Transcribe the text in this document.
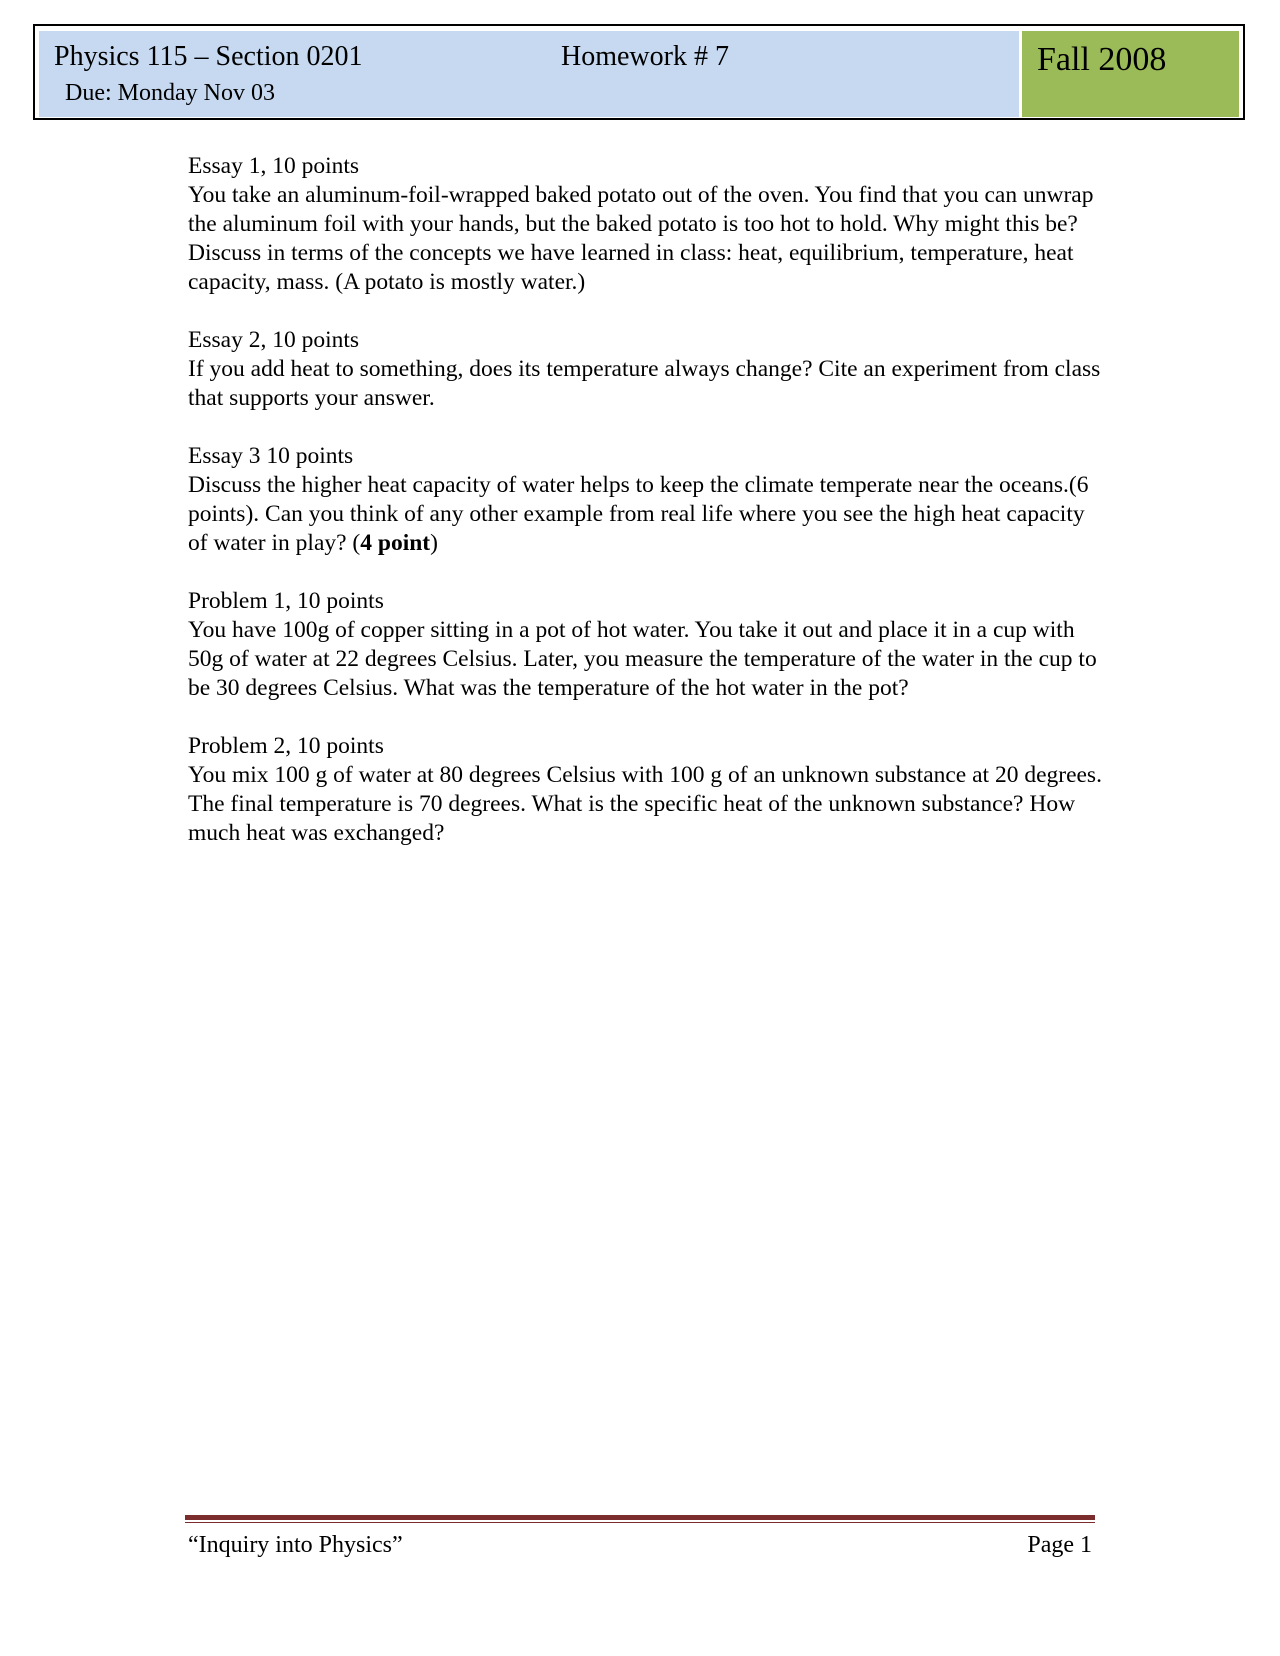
Physics 115 – Section 0201	Homework # 7
Due: Monday Nov 03
Fall 2008

Essay 1, 10 points

You take an aluminum-foil-wrapped baked potato out of the oven. You find that you can unwrap the aluminum foil with your hands, but the baked potato is too hot to hold. Why might this be? Discuss in terms of the concepts we have learned in class: heat, equilibrium, temperature, heat capacity, mass. (A potato is mostly water.)

Essay 2, 10 points

If you add heat to something, does its temperature always change? Cite an experiment from class that supports your answer.

Essay 3 10 points

Discuss the higher heat capacity of water helps to keep the climate temperate near the oceans.(6 points). Can you think of any other example from real life where you see the high heat capacity of water in play? (4 point)

Problem 1, 10 points

You have 100g of copper sitting in a pot of hot water. You take it out and place it in a cup with 50g of water at 22 degrees Celsius. Later, you measure the temperature of the water in the cup to be 30 degrees Celsius. What was the temperature of the hot water in the pot?

Problem 2, 10 points

You mix 100 g of water at 80 degrees Celsius with 100 g of an unknown substance at 20 degrees. The final temperature is 70 degrees. What is the specific heat of the unknown substance? How much heat was exchanged?

“Inquiry into Physics”	Page 1
